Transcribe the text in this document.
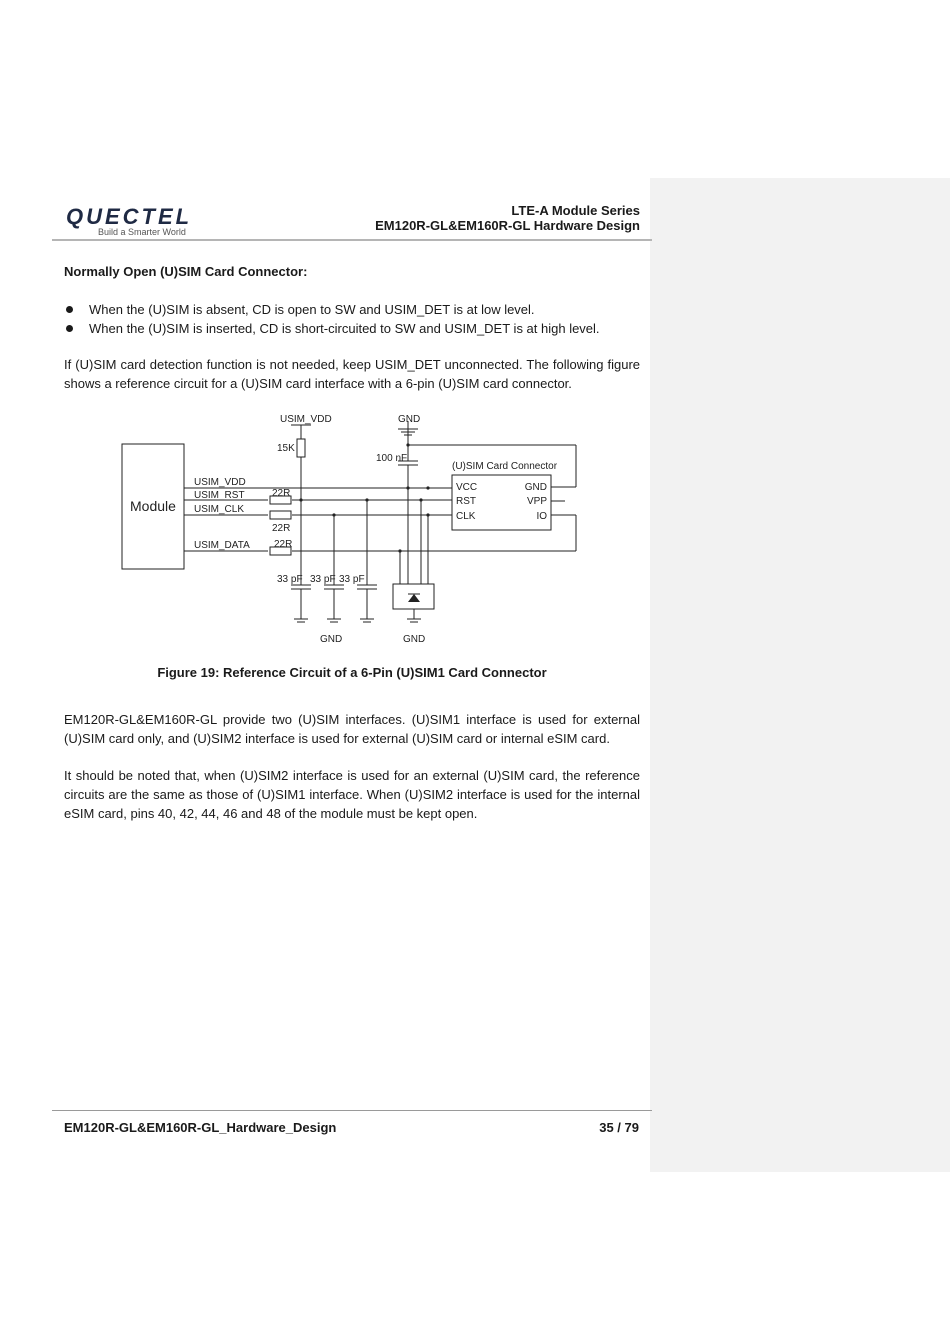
QUECTEL
Build a Smarter World
LTE-A Module Series
EM120R-GL&EM160R-GL Hardware Design
Normally Open (U)SIM Card Connector:
When the (U)SIM is absent, CD is open to SW and USIM_DET is at low level.
When the (U)SIM is inserted, CD is short-circuited to SW and USIM_DET is at high level.

If (U)SIM card detection function is not needed, keep USIM_DET unconnected. The following figure shows a reference circuit for a (U)SIM card interface with a 6-pin (U)SIM card connector.

USIM_VDD	GND
15K
100 nF
(U)SIM Card Connector
Module
USIM_VDD
USIM_RST
USIM_CLK
USIM_DATA
22R
22R
22R
VCC
RST
CLK
GND
VPP
IO
33 pF 33 pF 33 pF
GND	GND
Figure 19: Reference Circuit of a 6-Pin (U)SIM1 Card Connector

EM120R-GL&EM160R-GL provide two (U)SIM interfaces. (U)SIM1 interface is used for external (U)SIM card only, and (U)SIM2 interface is used for external (U)SIM card or internal eSIM card.

It should be noted that, when (U)SIM2 interface is used for an external (U)SIM card, the reference circuits are the same as those of (U)SIM1 interface. When (U)SIM2 interface is used for the internal eSIM card, pins 40, 42, 44, 46 and 48 of the module must be kept open.

EM120R-GL&EM160R-GL_Hardware_Design	35 / 79
